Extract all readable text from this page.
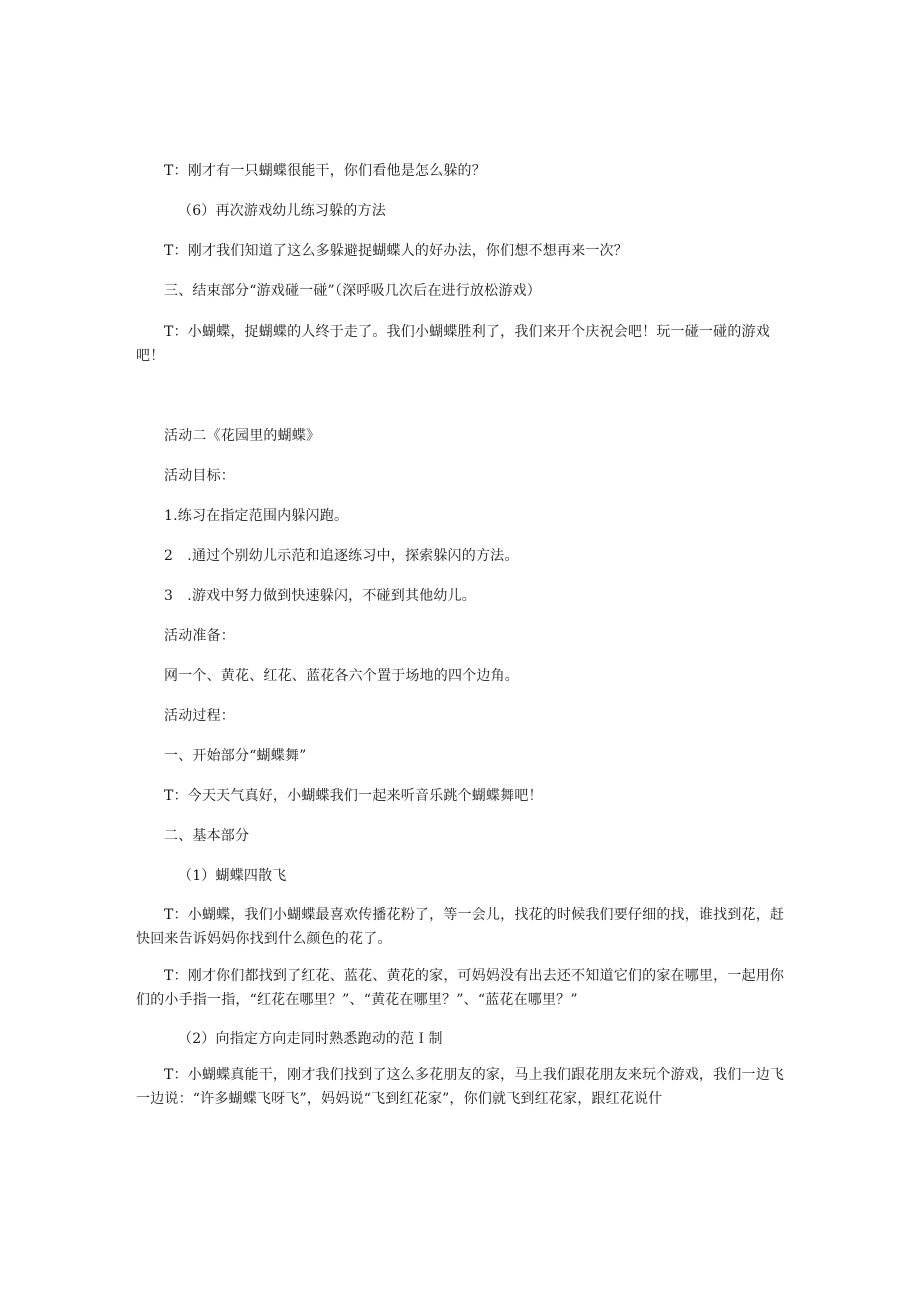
T：刚才有一只蝴蝶很能干，你们看他是怎么躲的？
（6）再次游戏幼儿练习躲的方法
T：刚才我们知道了这么多躲避捉蝴蝶人的好办法，你们想不想再来一次？
三、结束部分“游戏碰一碰”（深呼吸几次后在进行放松游戏）
T：小蝴蝶，捉蝴蝶的人终于走了。我们小蝴蝶胜利了，我们来开个庆祝会吧！玩一碰一碰的游戏吧！
活动二《花园里的蝴蝶》
活动目标：
1.练习在指定范围内躲闪跑。
2　.通过个别幼儿示范和追逐练习中，探索躲闪的方法。
3　.游戏中努力做到快速躲闪，不碰到其他幼儿。
活动准备：
网一个、黄花、红花、蓝花各六个置于场地的四个边角。
活动过程：
一、开始部分“蝴蝶舞”
T：今天天气真好，小蝴蝶我们一起来听音乐跳个蝴蝶舞吧！
二、基本部分
（1）蝴蝶四散飞
T：小蝴蝶，我们小蝴蝶最喜欢传播花粉了，等一会儿，找花的时候我们要仔细的找，谁找到花，赶快回来告诉妈妈你找到什么颜色的花了。
T：刚才你们都找到了红花、蓝花、黄花的家，可妈妈没有出去还不知道它们的家在哪里，一起用你们的小手指一指，“红花在哪里？”、“黄花在哪里？”、“蓝花在哪里？”
（2）向指定方向走同时熟悉跑动的范Ｉ制
T：小蝴蝶真能干，刚才我们找到了这么多花朋友的家，马上我们跟花朋友来玩个游戏，我们一边飞一边说：“许多蝴蝶飞呀飞”，妈妈说“飞到红花家”，你们就飞到红花家，跟红花说什
